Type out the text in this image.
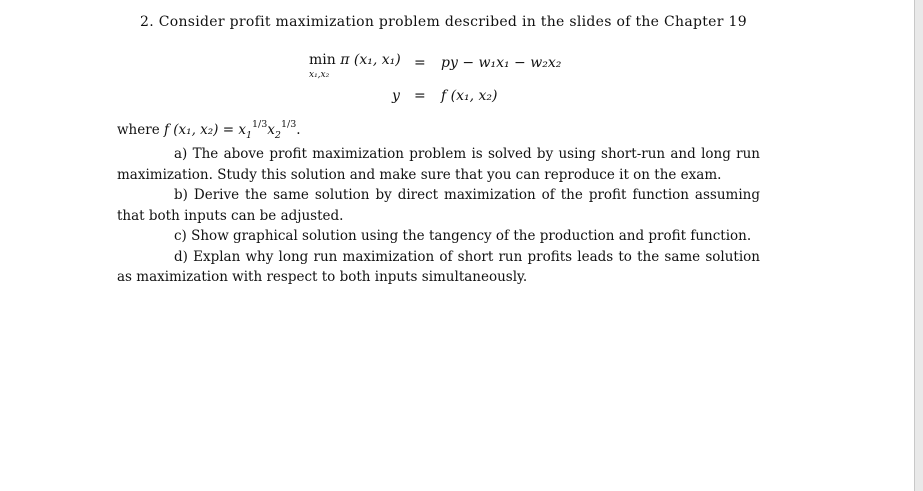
2. Consider profit maximization problem described in the slides of the Chapter 19
min π (x₁, x₁)
x₁,x₂
= py − w₁x₁ − w₂x₂
y = f (x₁, x₂)
where f (x₁, $x_2) = x_1^{1/3}x_2^{1/3}$.

a) The above profit maximization problem is solved by using short-run and long run maximization. Study this solution and make sure that you can reproduce it on the exam.

b) Derive the same solution by direct maximization of the profit function assuming that both inputs can be adjusted.

c) Show graphical solution using the tangency of the production and profit function.

d) Explan why long run maximization of short run profits leads to the same solution as maximization with respect to both inputs simultaneously.
